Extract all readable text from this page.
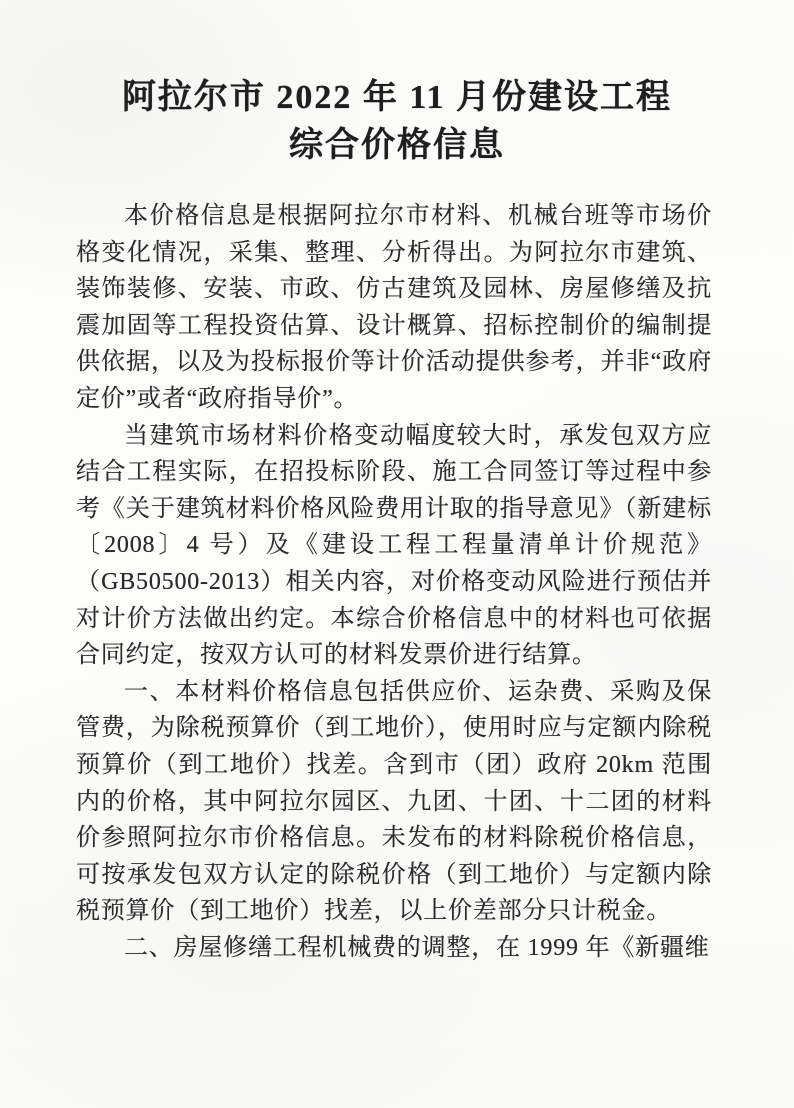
阿拉尔市 2022 年 11 月份建设工程
综合价格信息

本价格信息是根据阿拉尔市材料、机械台班等市场价格变化情况，采集、整理、分析得出。为阿拉尔市建筑、装饰装修、安装、市政、仿古建筑及园林、房屋修缮及抗震加固等工程投资估算、设计概算、招标控制价的编制提供依据，以及为投标报价等计价活动提供参考，并非“政府定价”或者“政府指导价”。

当建筑市场材料价格变动幅度较大时，承发包双方应结合工程实际，在招投标阶段、施工合同签订等过程中参考《关于建筑材料价格风险费用计取的指导意见》（新建标〔2008〕4 号）及《建设工程工程量清单计价规范》（GB50500-2013）相关内容，对价格变动风险进行预估并对计价方法做出约定。本综合价格信息中的材料也可依据合同约定，按双方认可的材料发票价进行结算。

一、本材料价格信息包括供应价、运杂费、采购及保管费，为除税预算价（到工地价），使用时应与定额内除税预算价（到工地价）找差。含到市（团）政府 20km 范围内的价格，其中阿拉尔园区、九团、十团、十二团的材料价参照阿拉尔市价格信息。未发布的材料除税价格信息，可按承发包双方认定的除税价格（到工地价）与定额内除税预算价（到工地价）找差，以上价差部分只计税金。

二、房屋修缮工程机械费的调整，在 1999 年《新疆维
